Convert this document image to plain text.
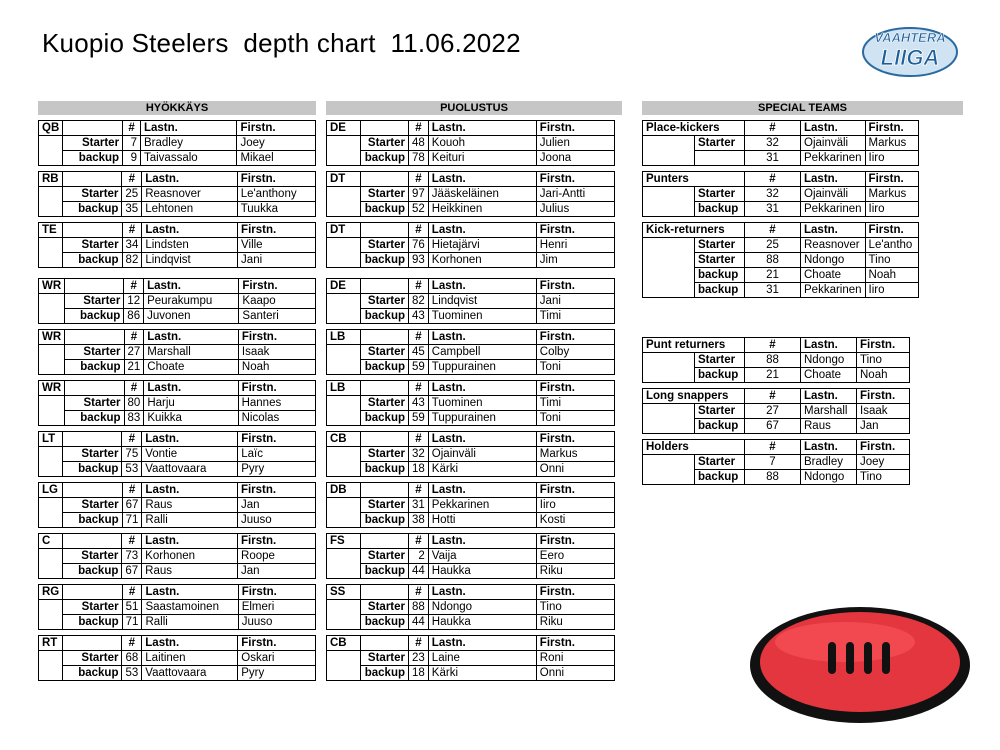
Kuopio Steelers  depth chart  11.06.2022	VAAHTERA
LIIGA
HYÖKKÄYS
QB		#	Lastn.	Firstn.
	Starter	7	Bradley	Joey
	backup	9	Taivassalo	Mikael
RB		#	Lastn.	Firstn.
	Starter	25	Reasnover	Le'anthony
	backup	35	Lehtonen	Tuukka
TE		#	Lastn.	Firstn.
	Starter	34	Lindsten	Ville
	backup	82	Lindqvist	Jani
WR		#	Lastn.	Firstn.
	Starter	12	Peurakumpu	Kaapo
	backup	86	Juvonen	Santeri
WR		#	Lastn.	Firstn.
	Starter	27	Marshall	Isaak
	backup	21	Choate	Noah
WR		#	Lastn.	Firstn.
	Starter	80	Harju	Hannes
	backup	83	Kuikka	Nicolas
LT		#	Lastn.	Firstn.
	Starter	75	Vontie	Laïc
	backup	53	Vaattovaara	Pyry
LG		#	Lastn.	Firstn.
	Starter	67	Raus	Jan
	backup	71	Ralli	Juuso
C		#	Lastn.	Firstn.
	Starter	73	Korhonen	Roope
	backup	67	Raus	Jan
RG		#	Lastn.	Firstn.
	Starter	51	Saastamoinen	Elmeri
	backup	71	Ralli	Juuso
RT		#	Lastn.	Firstn.
	Starter	68	Laitinen	Oskari
	backup	53	Vaattovaara	Pyry
PUOLUSTUS
DE		#	Lastn.	Firstn.
	Starter	48	Kouoh	Julien
	backup	78	Keituri	Joona
DT		#	Lastn.	Firstn.
	Starter	97	Jääskeläinen	Jari-Antti
	backup	52	Heikkinen	Julius
DT		#	Lastn.	Firstn.
	Starter	76	Hietajärvi	Henri
	backup	93	Korhonen	Jim
DE		#	Lastn.	Firstn.
	Starter	82	Lindqvist	Jani
	backup	43	Tuominen	Timi
LB		#	Lastn.	Firstn.
	Starter	45	Campbell	Colby
	backup	59	Tuppurainen	Toni
LB		#	Lastn.	Firstn.
	Starter	43	Tuominen	Timi
	backup	59	Tuppurainen	Toni
CB		#	Lastn.	Firstn.
	Starter	32	Ojainväli	Markus
	backup	18	Kärki	Onni
DB		#	Lastn.	Firstn.
	Starter	31	Pekkarinen	Iiro
	backup	38	Hotti	Kosti
FS		#	Lastn.	Firstn.
	Starter	2	Vaija	Eero
	backup	44	Haukka	Riku
SS		#	Lastn.	Firstn.
	Starter	88	Ndongo	Tino
	backup	44	Haukka	Riku
CB		#	Lastn.	Firstn.
	Starter	23	Laine	Roni
	backup	18	Kärki	Onni
SPECIAL TEAMS
Place-kickers		#	Lastn.	Firstn.
	Starter	32	Ojainväli	Markus
		31	Pekkarinen	Iiro
Punters		#	Lastn.	Firstn.
	Starter	32	Ojainväli	Markus
	backup	31	Pekkarinen	Iiro
Kick-returners		#	Lastn.	Firstn.
	Starter	25	Reasnover	Le'antho
	Starter	88	Ndongo	Tino
	backup	21	Choate	Noah
	backup	31	Pekkarinen	Iiro
Punt returners		#	Lastn.	Firstn.
	Starter	88	Ndongo	Tino
	backup	21	Choate	Noah
Long snappers		#	Lastn.	Firstn.
	Starter	27	Marshall	Isaak
	backup	67	Raus	Jan
Holders		#	Lastn.	Firstn.
	Starter	7	Bradley	Joey
	backup	88	Ndongo	Tino
